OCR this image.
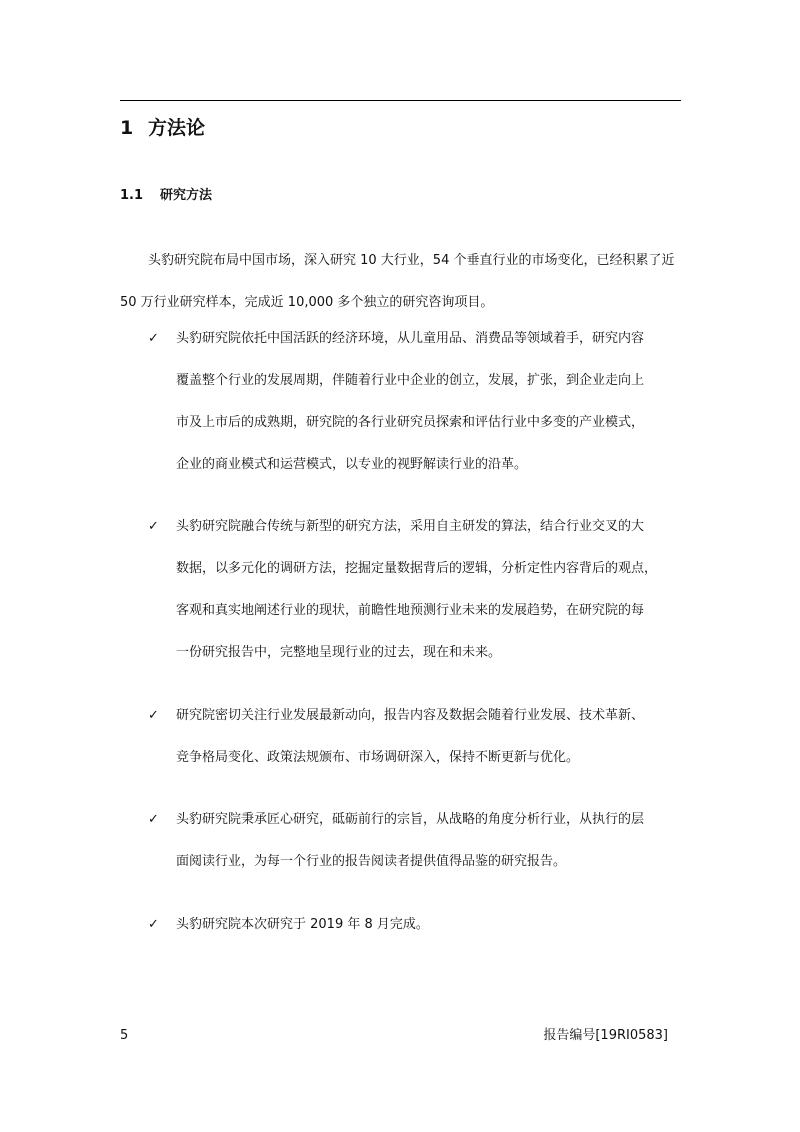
1 方法论
1.1 研究方法

头豹研究院布局中国市场，深入研究 10 大行业，54 个垂直行业的市场变化，已经积累了近 50 万行业研究样本，完成近 10,000 多个独立的研究咨询项目。

✓ 头豹研究院依托中国活跃的经济环境，从儿童用品、消费品等领域着手，研究内容
覆盖整个行业的发展周期，伴随着行业中企业的创立，发展，扩张，到企业走向上
市及上市后的成熟期，研究院的各行业研究员探索和评估行业中多变的产业模式，
企业的商业模式和运营模式，以专业的视野解读行业的沿革。

✓ 头豹研究院融合传统与新型的研究方法，采用自主研发的算法，结合行业交叉的大
数据，以多元化的调研方法，挖掘定量数据背后的逻辑，分析定性内容背后的观点，
客观和真实地阐述行业的现状，前瞻性地预测行业未来的发展趋势，在研究院的每
一份研究报告中，完整地呈现行业的过去，现在和未来。

✓ 研究院密切关注行业发展最新动向，报告内容及数据会随着行业发展、技术革新、
竞争格局变化、政策法规颁布、市场调研深入，保持不断更新与优化。

✓ 头豹研究院秉承匠心研究，砥砺前行的宗旨，从战略的角度分析行业，从执行的层
面阅读行业，为每一个行业的报告阅读者提供值得品鉴的研究报告。

✓ 头豹研究院本次研究于 2019 年 8 月完成。

5	报告编号[19RI0583]
